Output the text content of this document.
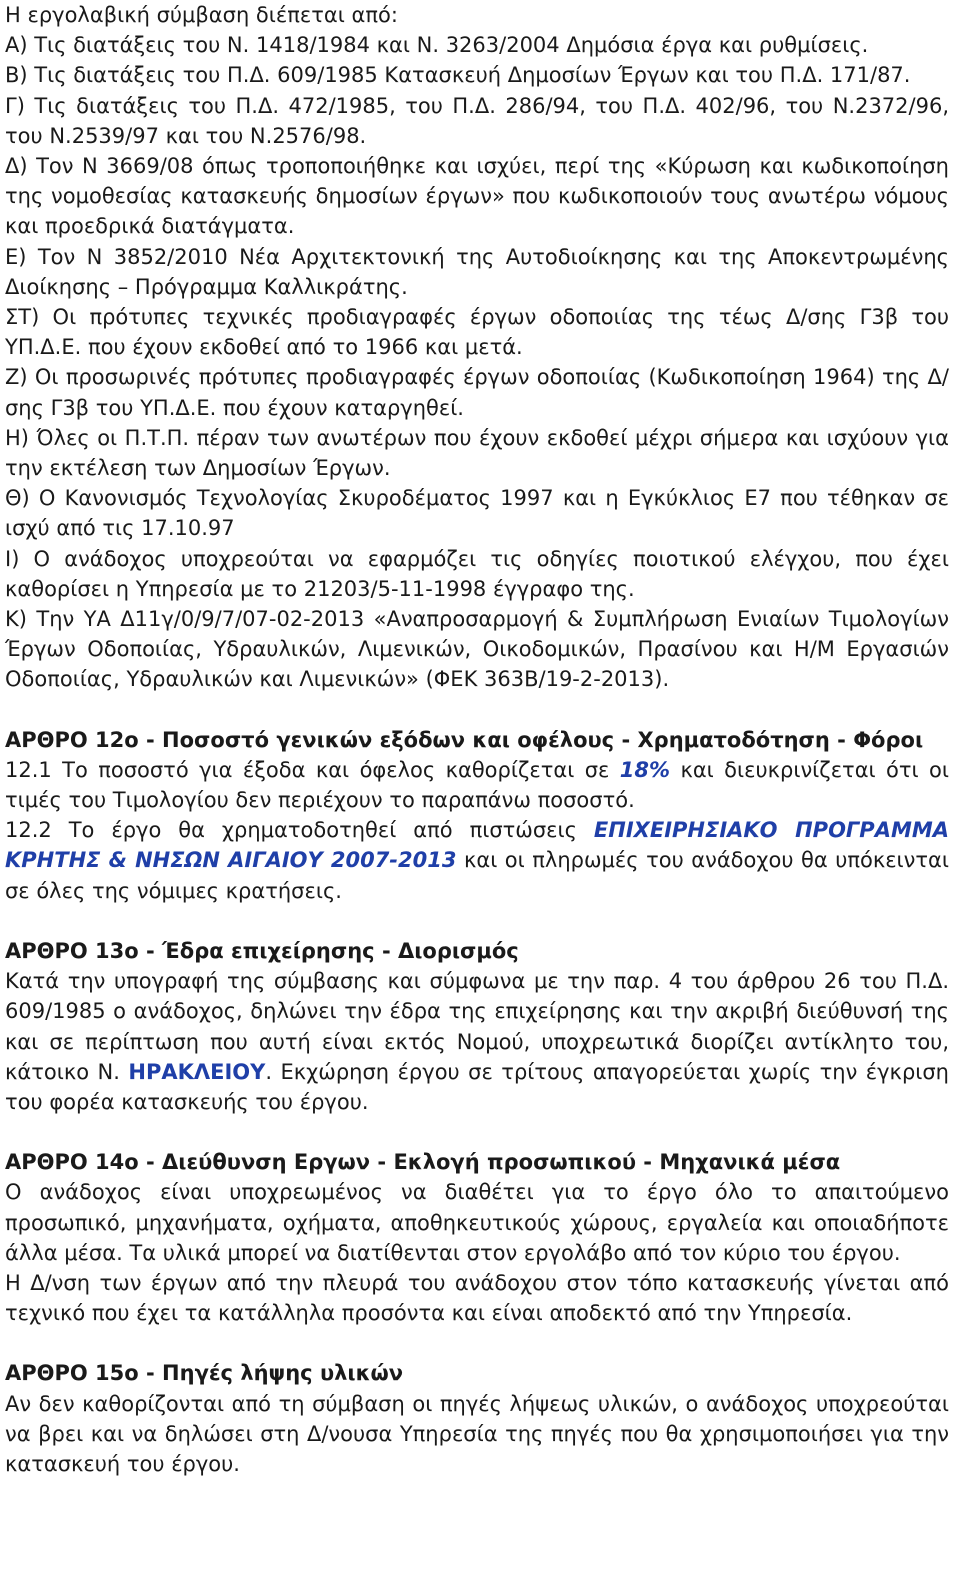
Η εργολαβική σύμβαση διέπεται από:

Α) Τις διατάξεις του Ν. 1418/1984 και Ν. 3263/2004 Δημόσια έργα και ρυθμίσεις.

Β) Τις διατάξεις του Π.Δ. 609/1985 Κατασκευή Δημοσίων Έργων και του Π.Δ. 171/87.

Γ) Τις διατάξεις του Π.Δ. 472/1985, του Π.Δ. 286/94, του Π.Δ. 402/96, του Ν.2372/96, του Ν.2539/97 και του Ν.2576/98.

Δ) Τον Ν 3669/08 όπως τροποποιήθηκε και ισχύει, περί της «Κύρωση και κωδικοποίηση της νομοθεσίας κατασκευής δημοσίων έργων» που κωδικοποιούν τους ανωτέρω νόμους και προεδρικά διατάγματα.

Ε) Τον Ν 3852/2010 Νέα Αρχιτεκτονική της Αυτοδιοίκησης και της Αποκεντρωμένης Διοίκησης – Πρόγραμμα Καλλικράτης.

ΣΤ) Οι πρότυπες τεχνικές προδιαγραφές έργων οδοποιίας της τέως Δ/σης Γ3β του ΥΠ.Δ.Ε. που έχουν εκδοθεί από το 1966 και μετά.

Ζ) Οι προσωρινές πρότυπες προδιαγραφές έργων οδοποιίας (Κωδικοποίηση 1964) της Δ/σης Γ3β του ΥΠ.Δ.Ε. που έχουν καταργηθεί.

Η) Όλες οι Π.Τ.Π. πέραν των ανωτέρων που έχουν εκδοθεί μέχρι σήμερα και ισχύουν για την εκτέλεση των Δημοσίων Έργων.

Θ) Ο Κανονισμός Τεχνολογίας Σκυροδέματος 1997 και η Εγκύκλιος Ε7 που τέθηκαν σε ισχύ από τις 17.10.97

Ι) Ο ανάδοχος υποχρεούται να εφαρμόζει τις οδηγίες ποιοτικού ελέγχου, που έχει καθορίσει η Υπηρεσία με το 21203/5-11-1998 έγγραφο της.

Κ) Την ΥΑ Δ11γ/0/9/7/07-02-2013 «Αναπροσαρμογή & Συμπλήρωση Ενιαίων Τιμολογίων Έργων Οδοποιίας, Υδραυλικών, Λιμενικών, Οικοδομικών, Πρασίνου και Η/Μ Εργασιών Οδοποιίας, Υδραυλικών και Λιμενικών» (ΦΕΚ 363Β/19-2-2013).

ΑΡΘΡΟ 12ο - Ποσοστό γενικών εξόδων και οφέλους - Χρηματοδότηση - Φόροι

12.1 Το ποσοστό για έξοδα και όφελος καθορίζεται σε 18% και διευκρινίζεται ότι οι τιμές του Τιμολογίου δεν περιέχουν το παραπάνω ποσοστό.

12.2 Το έργο θα χρηματοδοτηθεί από πιστώσεις ΕΠΙΧΕΙΡΗΣΙΑΚΟ ΠΡΟΓΡΑΜΜΑ ΚΡΗΤΗΣ & ΝΗΣΩΝ ΑΙΓΑΙΟΥ 2007-2013 και οι πληρωμές του ανάδοχου θα υπόκεινται σε όλες της νόμιμες κρατήσεις.

ΑΡΘΡΟ 13ο - Έδρα επιχείρησης - Διορισμός

Κατά την υπογραφή της σύμβασης και σύμφωνα με την παρ. 4 του άρθρου 26 του Π.Δ. 609/1985 ο ανάδοχος, δηλώνει την έδρα της επιχείρησης και την ακριβή διεύθυνσή της και σε περίπτωση που αυτή είναι εκτός Νομού, υποχρεωτικά διορίζει αντίκλητο του, κάτοικο Ν. ΗΡΑΚΛΕΙΟΥ. Εκχώρηση έργου σε τρίτους απαγορεύεται χωρίς την έγκριση του φορέα κατασκευής του έργου.

ΑΡΘΡΟ 14ο - Διεύθυνση Εργων - Εκλογή προσωπικού - Μηχανικά μέσα

Ο ανάδοχος είναι υποχρεωμένος να διαθέτει για το έργο όλο το απαιτούμενο προσωπικό, μηχανήματα, οχήματα, αποθηκευτικούς χώρους, εργαλεία και οποιαδήποτε άλλα μέσα. Τα υλικά μπορεί να διατίθενται στον εργολάβο από τον κύριο του έργου.

Η Δ/νση των έργων από την πλευρά του ανάδοχου στον τόπο κατασκευής γίνεται από τεχνικό που έχει τα κατάλληλα προσόντα και είναι αποδεκτό από την Υπηρεσία.

ΑΡΘΡΟ 15ο - Πηγές λήψης υλικών

Αν δεν καθορίζονται από τη σύμβαση οι πηγές λήψεως υλικών, ο ανάδοχος υποχρεούται να βρει και να δηλώσει στη Δ/νουσα Υπηρεσία της πηγές που θα χρησιμοποιήσει για την κατασκευή του έργου.
